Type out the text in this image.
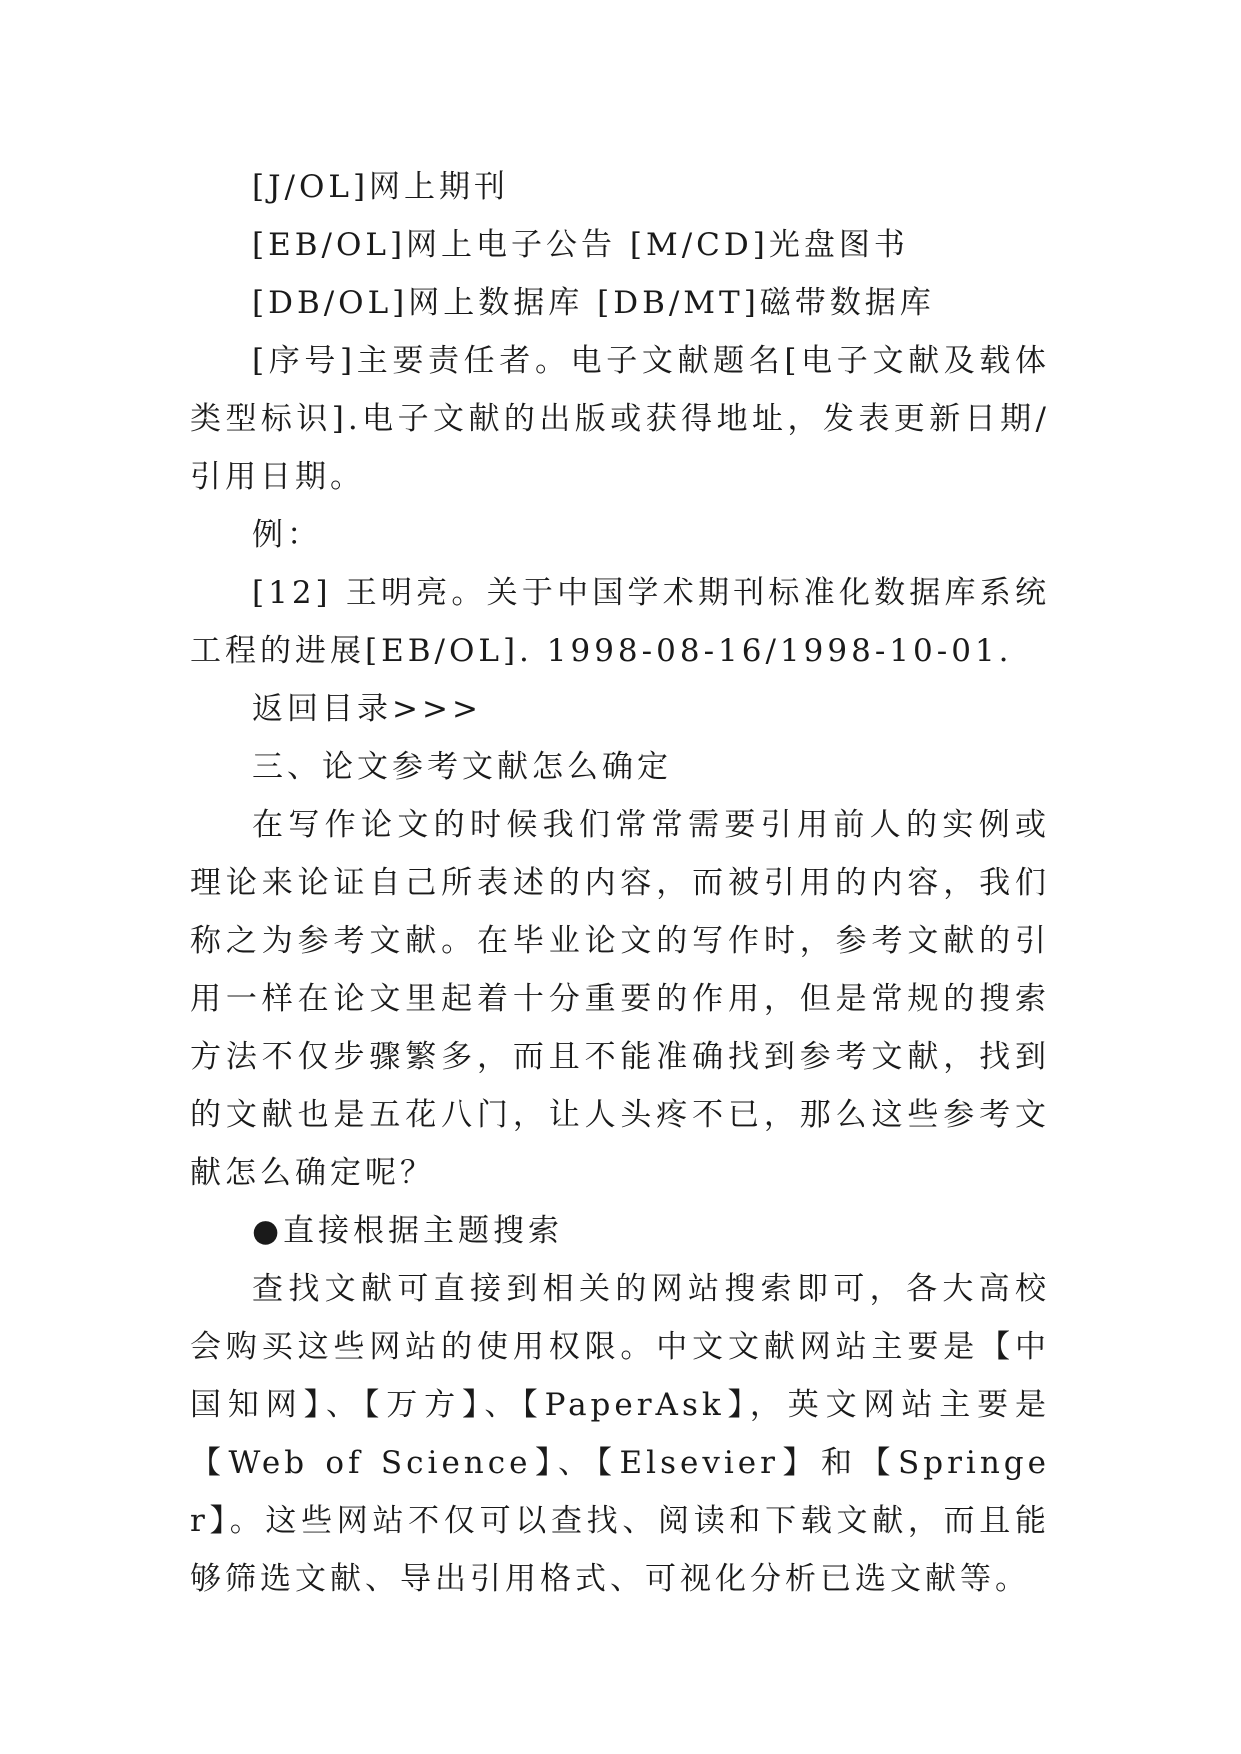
[J/OL]网上期刊

[EB/OL]网上电子公告 [M/CD]光盘图书

[DB/OL]网上数据库 [DB/MT]磁带数据库

[序号]主要责任者。电子文献题名[电子文献及载体类型标识].电子文献的出版或获得地址，发表更新日期/引用日期。

例：

[12] 王明亮。关于中国学术期刊标准化数据库系统工程的进展[EB/OL]. 1998-08-16/1998-10-01.

返回目录>>>

三、论文参考文献怎么确定

在写作论文的时候我们常常需要引用前人的实例或理论来论证自己所表述的内容，而被引用的内容，我们称之为参考文献。在毕业论文的写作时，参考文献的引用一样在论文里起着十分重要的作用，但是常规的搜索方法不仅步骤繁多，而且不能准确找到参考文献，找到的文献也是五花八门，让人头疼不已，那么这些参考文献怎么确定呢？

●直接根据主题搜索

查找文献可直接到相关的网站搜索即可，各大高校会购买这些网站的使用权限。中文文献网站主要是【中国知网】、【万方】、【PaperAsk】，英文网站主要是【Web of Science】、【Elsevier】和【Springer】。这些网站不仅可以查找、阅读和下载文献，而且能够筛选文献、导出引用格式、可视化分析已选文献等。
